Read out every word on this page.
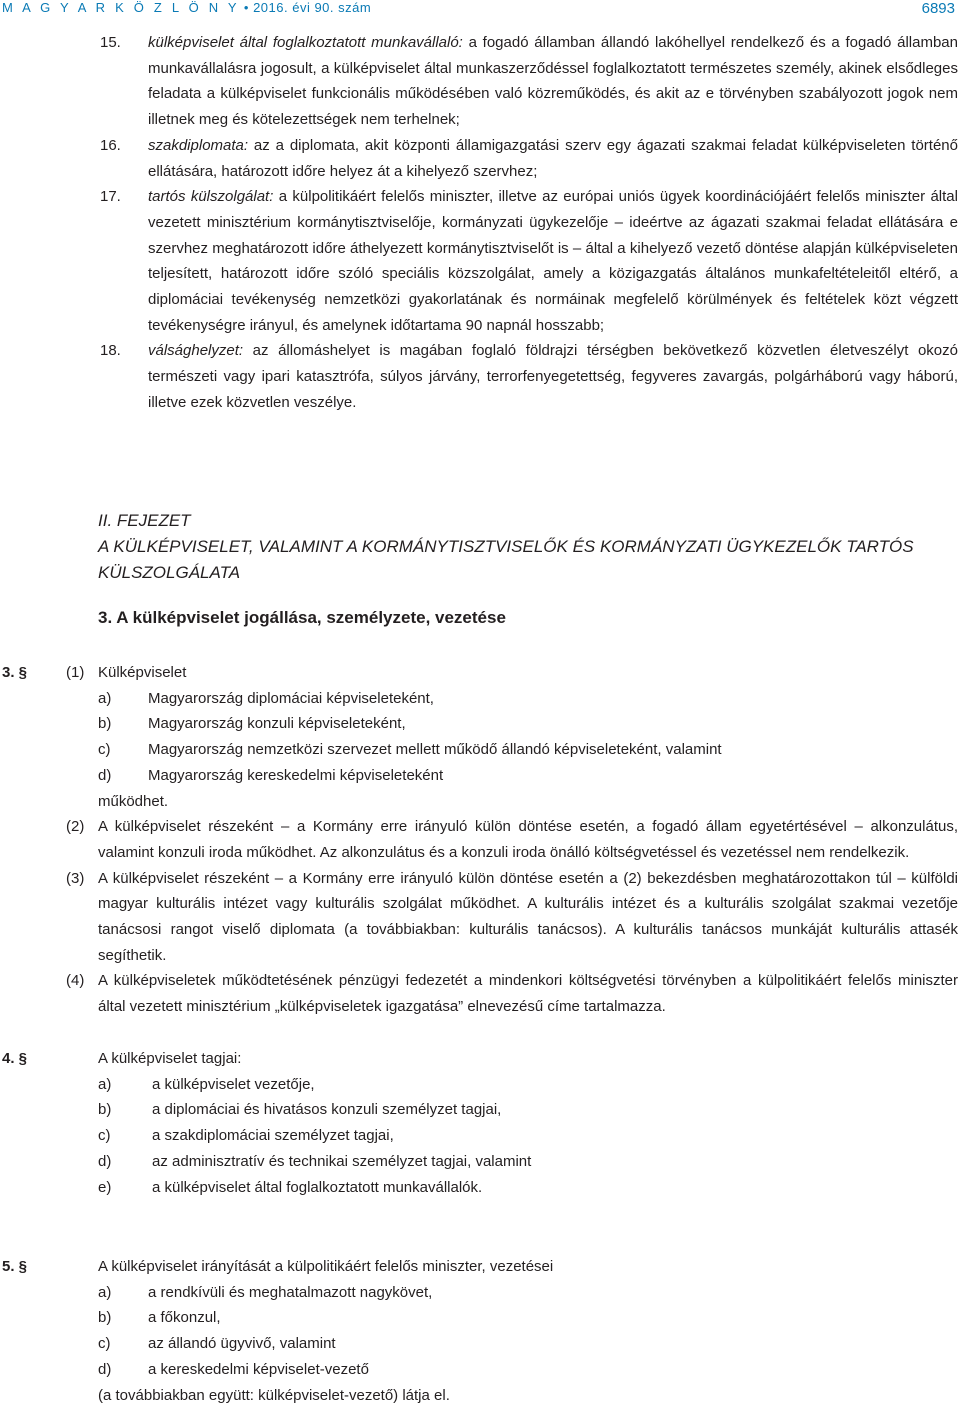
M A G Y A R K Ö Z L Ö N Y • 2016. évi 90. szám	6893
15. külképviselet által foglalkoztatott munkavállaló: a fogadó államban állandó lakóhellyel rendelkező és a fogadó államban munkavállalásra jogosult, a külképviselet által munkaszerződéssel foglalkoztatott természetes személy, akinek elsődleges feladata a külképviselet funkcionális működésében való közreműködés, és akit az e törvényben szabályozott jogok nem illetnek meg és kötelezettségek nem terhelnek;
16. szakdiplomata: az a diplomata, akit központi államigazgatási szerv egy ágazati szakmai feladat külképviseleten történő ellátására, határozott időre helyez át a kihelyező szervhez;
17. tartós külszolgálat: a külpolitikáért felelős miniszter, illetve az európai uniós ügyek koordinációjáért felelős miniszter által vezetett minisztérium kormánytisztviselője, kormányzati ügykezelője – ideértve az ágazati szakmai feladat ellátására e szervhez meghatározott időre áthelyezett kormánytisztviselőt is – által a kihelyező vezető döntése alapján külképviseleten teljesített, határozott időre szóló speciális közszolgálat, amely a közigazgatás általános munkafeltételeitől eltérő, a diplomáciai tevékenység nemzetközi gyakorlatának és normáinak megfelelő körülmények és feltételek közt végzett tevékenységre irányul, és amelynek időtartama 90 napnál hosszabb;
18. válsághelyzet: az állomáshelyet is magában foglaló földrajzi térségben bekövetkező közvetlen életveszélyt okozó természeti vagy ipari katasztrófa, súlyos járvány, terrorfenyegetettség, fegyveres zavargás, polgárháború vagy háború, illetve ezek közvetlen veszélye.
II. FEJEZET
A KÜLKÉPVISELET, VALAMINT A KORMÁNYTISZTVISELŐK ÉS KORMÁNYZATI ÜGYKEZELŐK TARTÓS KÜLSZOLGÁLATA
3. A külképviselet jogállása, személyzete, vezetése
3. §	(1) Külképviselet
a) Magyarország diplomáciai képviseleteként,
b) Magyarország konzuli képviseleteként,
c)	Magyarország nemzetközi szervezet mellett működő állandó képviseleteként, valamint
d) Magyarország kereskedelmi képviseleteként
működhet.
(2) A külképviselet részeként – a Kormány erre irányuló külön döntése esetén, a fogadó állam egyetértésével – alkonzulátus, valamint konzuli iroda működhet. Az alkonzulátus és a konzuli iroda önálló költségvetéssel és vezetéssel nem rendelkezik.
(3) A külképviselet részeként – a Kormány erre irányuló külön döntése esetén a (2) bekezdésben meghatározottakon túl – külföldi magyar kulturális intézet vagy kulturális szolgálat működhet. A kulturális intézet és a kulturális szolgálat szakmai vezetője tanácsosi rangot viselő diplomata (a továbbiakban: kulturális tanácsos). A kulturális tanácsos munkáját kulturális attasék segíthetik.
(4) A külképviseletek működtetésének pénzügyi fedezetét a mindenkori költségvetési törvényben a külpolitikáért felelős miniszter által vezetett minisztérium „külképviseletek igazgatása” elnevezésű címe tartalmazza.
4. §	A külképviselet tagjai:
a)	a külképviselet vezetője,
b)	a diplomáciai és hivatásos konzuli személyzet tagjai,
c)	a szakdiplomáciai személyzet tagjai,
d)	az adminisztratív és technikai személyzet tagjai, valamint
e)	a külképviselet által foglalkoztatott munkavállalók.
5. §	A külképviselet irányítását a külpolitikáért felelős miniszter, vezetései
a) a rendkívüli és meghatalmazott nagykövet,
b) a főkonzul,
c)	az állandó ügyvivő, valamint
d) a kereskedelmi képviselet-vezető
(a továbbiakban együtt: külképviselet-vezető) látja el.
